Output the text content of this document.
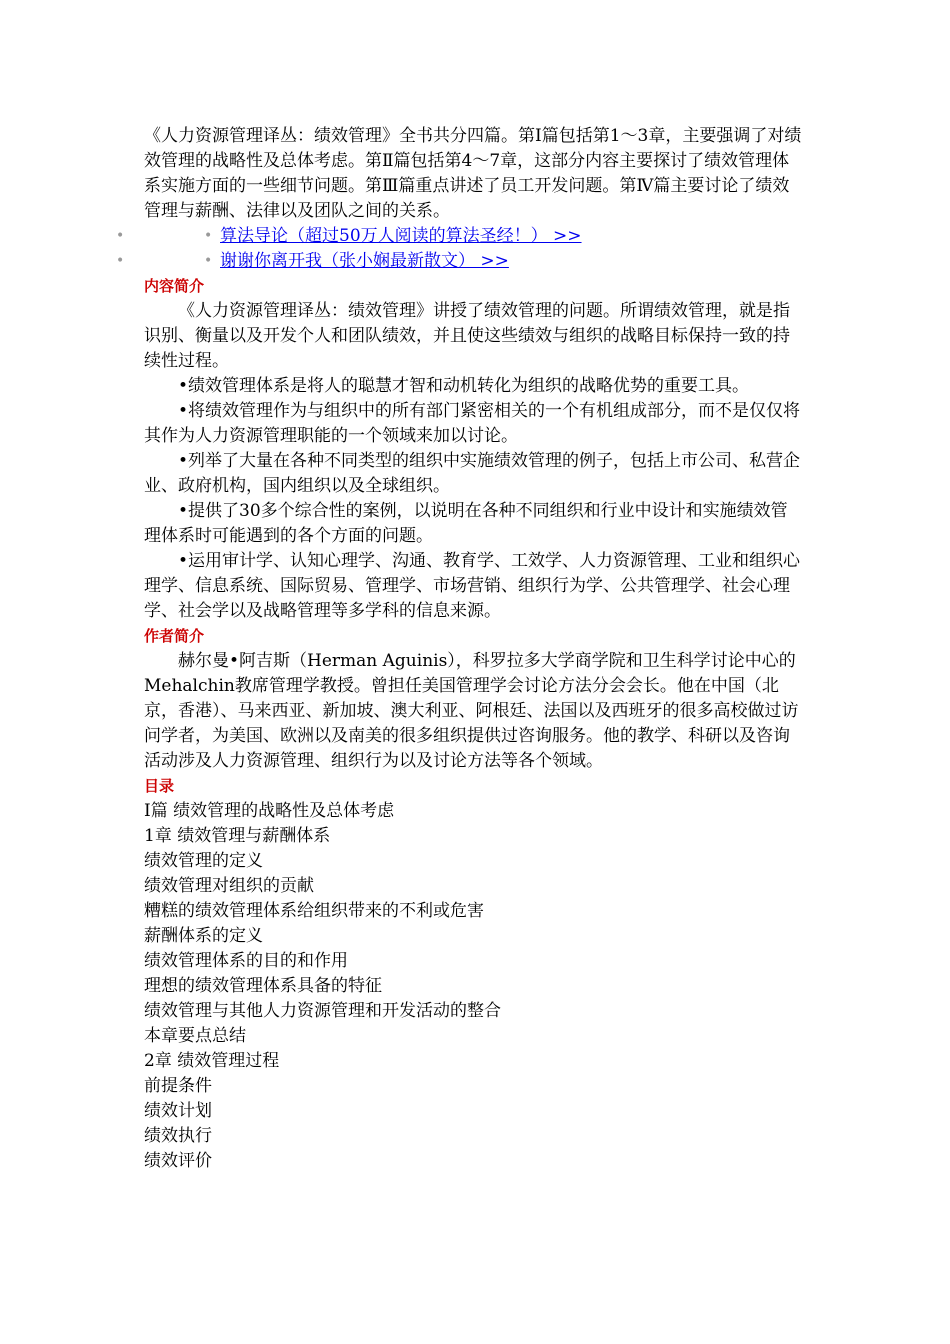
《人力资源管理译丛：绩效管理》全书共分四篇。第Ⅰ篇包括第1～3章，主要强调了对绩效管理的战略性及总体考虑。第Ⅱ篇包括第4～7章，这部分内容主要探讨了绩效管理体系实施方面的一些细节问题。第Ⅲ篇重点讲述了员工开发问题。第Ⅳ篇主要讨论了绩效管理与薪酬、法律以及团队之间的关系。

•	• 算法导论（超过50万人阅读的算法圣经！） >>
•	• 谢谢你离开我（张小娴最新散文） >>
内容简介

《人力资源管理译丛：绩效管理》讲授了绩效管理的问题。所谓绩效管理，就是指识别、衡量以及开发个人和团队绩效，并且使这些绩效与组织的战略目标保持一致的持续性过程。

•绩效管理体系是将人的聪慧才智和动机转化为组织的战略优势的重要工具。

•将绩效管理作为与组织中的所有部门紧密相关的一个有机组成部分，而不是仅仅将其作为人力资源管理职能的一个领域来加以讨论。

•列举了大量在各种不同类型的组织中实施绩效管理的例子，包括上市公司、私营企业、政府机构，国内组织以及全球组织。

•提供了30多个综合性的案例，以说明在各种不同组织和行业中设计和实施绩效管理体系时可能遇到的各个方面的问题。

•运用审计学、认知心理学、沟通、教育学、工效学、人力资源管理、工业和组织心理学、信息系统、国际贸易、管理学、市场营销、组织行为学、公共管理学、社会心理学、社会学以及战略管理等多学科的信息来源。

作者简介

赫尔曼•阿吉斯（Herman Aguinis），科罗拉多大学商学院和卫生科学讨论中心的Mehalchin教席管理学教授。曾担任美国管理学会讨论方法分会会长。他在中国（北京，香港）、马来西亚、新加坡、澳大利亚、阿根廷、法国以及西班牙的很多高校做过访问学者，为美国、欧洲以及南美的很多组织提供过咨询服务。他的教学、科研以及咨询活动涉及人力资源管理、组织行为以及讨论方法等各个领域。

目录
Ⅰ篇 绩效管理的战略性及总体考虑
1章 绩效管理与薪酬体系
绩效管理的定义
绩效管理对组织的贡献
糟糕的绩效管理体系给组织带来的不利或危害
薪酬体系的定义
绩效管理体系的目的和作用
理想的绩效管理体系具备的特征
绩效管理与其他人力资源管理和开发活动的整合
本章要点总结
2章 绩效管理过程
前提条件
绩效计划
绩效执行
绩效评价
